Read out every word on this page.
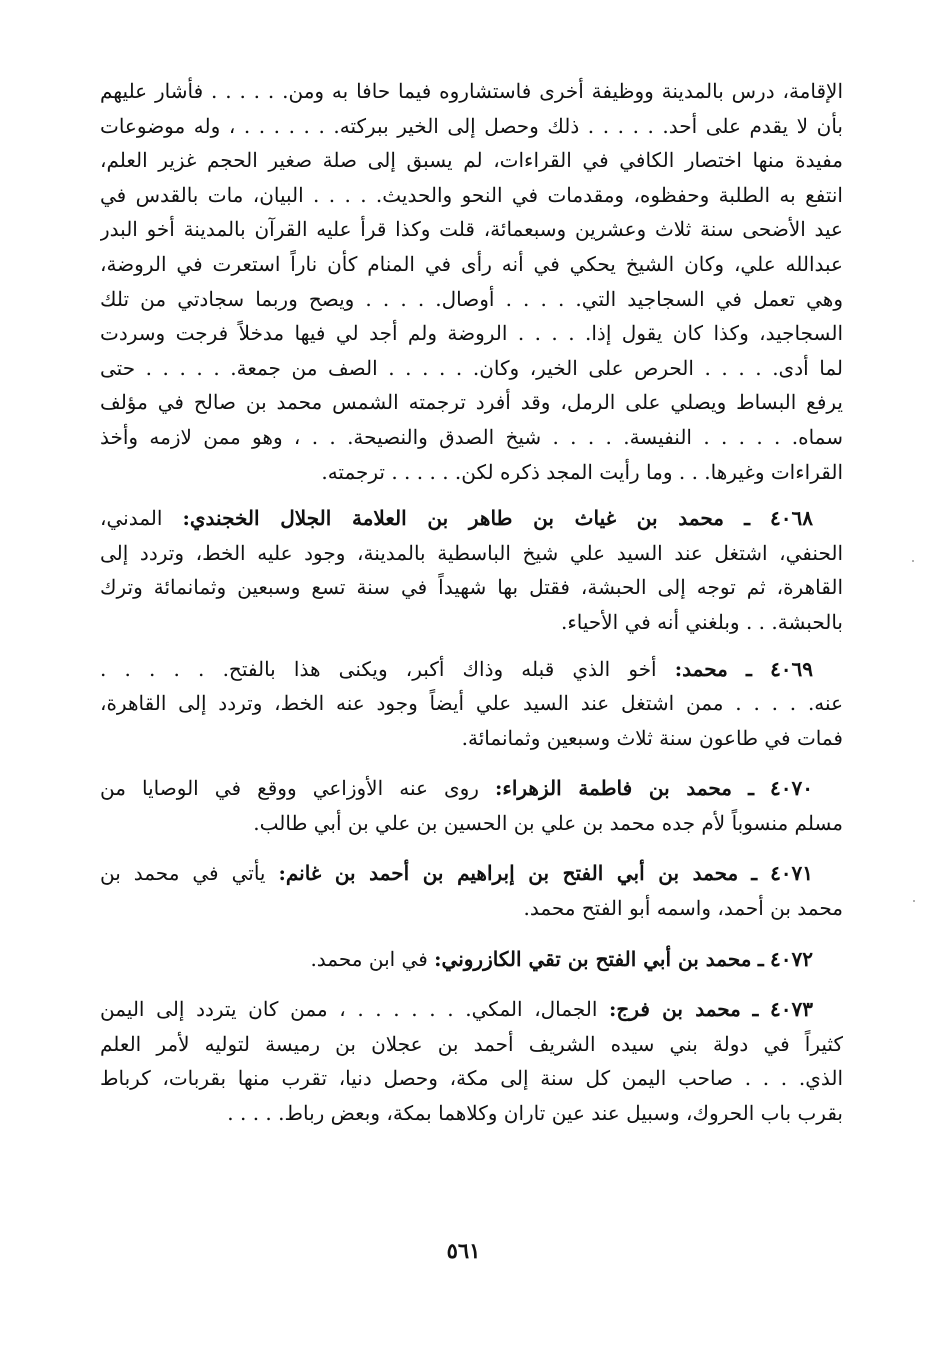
الإقامة، درس بالمدينة ووظيفة أخرى فاستشاروه فيما حافا به ومن. . . . . . فأشار عليهم
بأن لا يقدم على أحد. . . . . . ذلك وحصل إلى الخير ببركته. . . . . . . ، وله موضوعات
مفيدة منها اختصار الكافي في القراءات، لم يسبق إلى صلة صغير الحجم غزير العلم،
انتفع به الطلبة وحفظوه، ومقدمات في النحو والحديث. . . . . البيان، مات بالقدس في
عيد الأضحى سنة ثلاث وعشرين وسبعمائة، قلت وكذا قرأ عليه القرآن بالمدينة أخو البدر
عبدالله علي، وكان الشيخ يحكي في أنه رأى في المنام كأن ناراً استعرت في الروضة،
وهي تعمل في السجاجيد التي. . . . . أوصال. . . . . ويصح وربما سجادتي من تلك
السجاجيد، وكذا كان يقول إذا. . . . . الروضة ولم أجد لي فيها مدخلاً فرجت وسردت
لما أدى. . . . . الحرص على الخير، وكان. . . . . . الصف من جمعة. . . . . . حتى
يرفع البساط ويصلي على الرمل، وقد أفرد ترجمته الشمس محمد بن صالح في مؤلف
سماه. . . . . . النفيسة. . . . . شيخ الصدق والنصيحة. . . ، وهو ممن لازمه وأخذ
القراءات وغيرها. . . وما رأيت المجد ذكره لكن. . . . . . ترجمته.
٤٠٦٨ ـ محمد بن غياث بن طاهر بن العلامة الجلال الخجندي: المدني،
الحنفي، اشتغل عند السيد علي شيخ الباسطية بالمدينة، وجود عليه الخط، وتردد إلى
القاهرة، ثم توجه إلى الحبشة، فقتل بها شهيداً في سنة تسع وسبعين وثمانمائة وترك
بالحبشة. . . وبلغني أنه في الأحياء.
٤٠٦٩ ـ محمد: أخو الذي قبله وذاك أكبر، ويكنى هذا بالفتح. . . . . .
عنه. . . . . ممن اشتغل عند السيد علي أيضاً وجود عنه الخط، وتردد إلى القاهرة،
فمات في طاعون سنة ثلاث وسبعين وثمانمائة.
٤٠٧٠ ـ محمد بن فاطمة الزهراء: روى عنه الأوزاعي ووقع في الوصايا من
مسلم منسوباً لأم جده محمد بن علي بن الحسين بن علي بن أبي طالب.
٤٠٧١ ـ محمد بن أبي الفتح بن إبراهيم بن أحمد بن غانم: يأتي في محمد بن
محمد بن أحمد، واسمه أبو الفتح محمد.
٤٠٧٢ ـ محمد بن أبي الفتح بن تقي الكازروني: في ابن محمد.
٤٠٧٣ ـ محمد بن فرج: الجمال، المكي. . . . . . . ، ممن كان يتردد إلى اليمن
كثيراً في دولة بني سيده الشريف أحمد بن عجلان بن رميسة لتوليه لأمر العلم
الذي. . . . صاحب اليمن كل سنة إلى مكة، وحصل دنيا، تقرب منها بقربات، كرباط
بقرب باب الحروك، وسبيل عند عين تاران وكلاهما بمكة، وبعض رباط. . . . .
٥٦١
